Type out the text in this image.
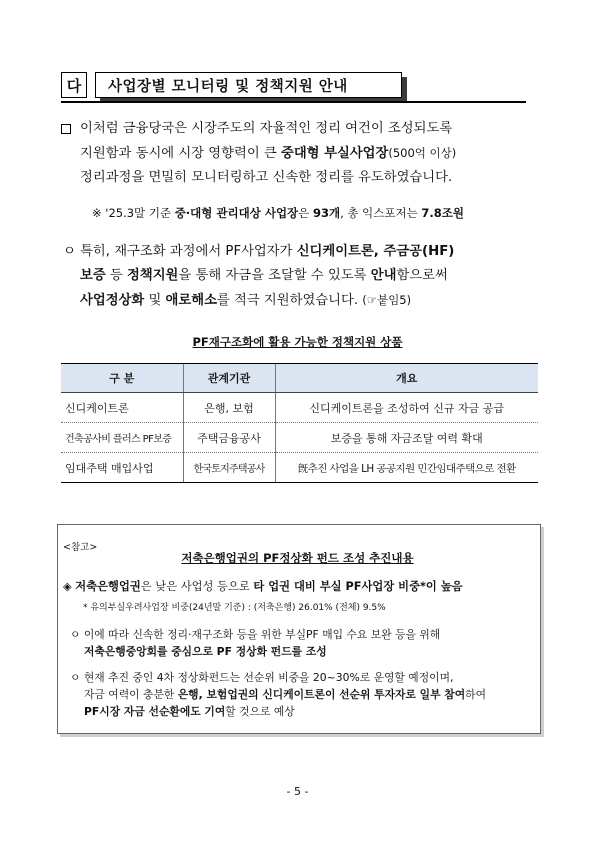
다	사업장별 모니터링 및 정책지원 안내
이처럼 금융당국은 시장주도의 자율적인 정리 여건이 조성되도록
지원함과 동시에 시장 영향력이 큰 중대형 부실사업장(500억 이상)
정리과정을 면밀히 모니터링하고 신속한 정리를 유도하였습니다.
※ '25.3말 기준 중·대형 관리대상 사업장은 93개, 총 익스포저는 7.8조원
ㅇ 특히, 재구조화 과정에서 PF사업자가 신디케이트론, 주금공(HF)
보증 등 정책지원을 통해 자금을 조달할 수 있도록 안내함으로써
사업정상화 및 애로해소를 적극 지원하였습니다. (☞붙임5)
PF재구조화에 활용 가능한 정책지원 상품
구 분	관계기관	개요
신디케이트론	은행, 보험	신디케이트론을 조성하여 신규 자금 공급
건축공사비 플러스 PF보증	주택금융공사	보증을 통해 자금조달 여력 확대
임대주택 매입사업	한국토지주택공사	旣추진 사업을 LH 공공지원 민간임대주택으로 전환
<참고>
저축은행업권의 PF정상화 펀드 조성 추진내용
◈ 저축은행업권은 낮은 사업성 등으로 타 업권 대비 부실 PF사업장 비중*이 높음
* 유의부실우려사업장 비중(24년말 기준) : (저축은행) 26.01% (전체) 9.5%
ㅇ 이에 따라 신속한 정리·재구조화 등을 위한 부실PF 매입 수요 보완 등을 위해
저축은행중앙회를 중심으로 PF 정상화 펀드를 조성
ㅇ 현재 추진 중인 4차 정상화펀드는 선순위 비중을 20~30%로 운영할 예정이며,
자금 여력이 충분한 은행, 보험업권의 신디케이트론이 선순위 투자자로 일부 참여하여
PF시장 자금 선순환에도 기여할 것으로 예상
- 5 -
